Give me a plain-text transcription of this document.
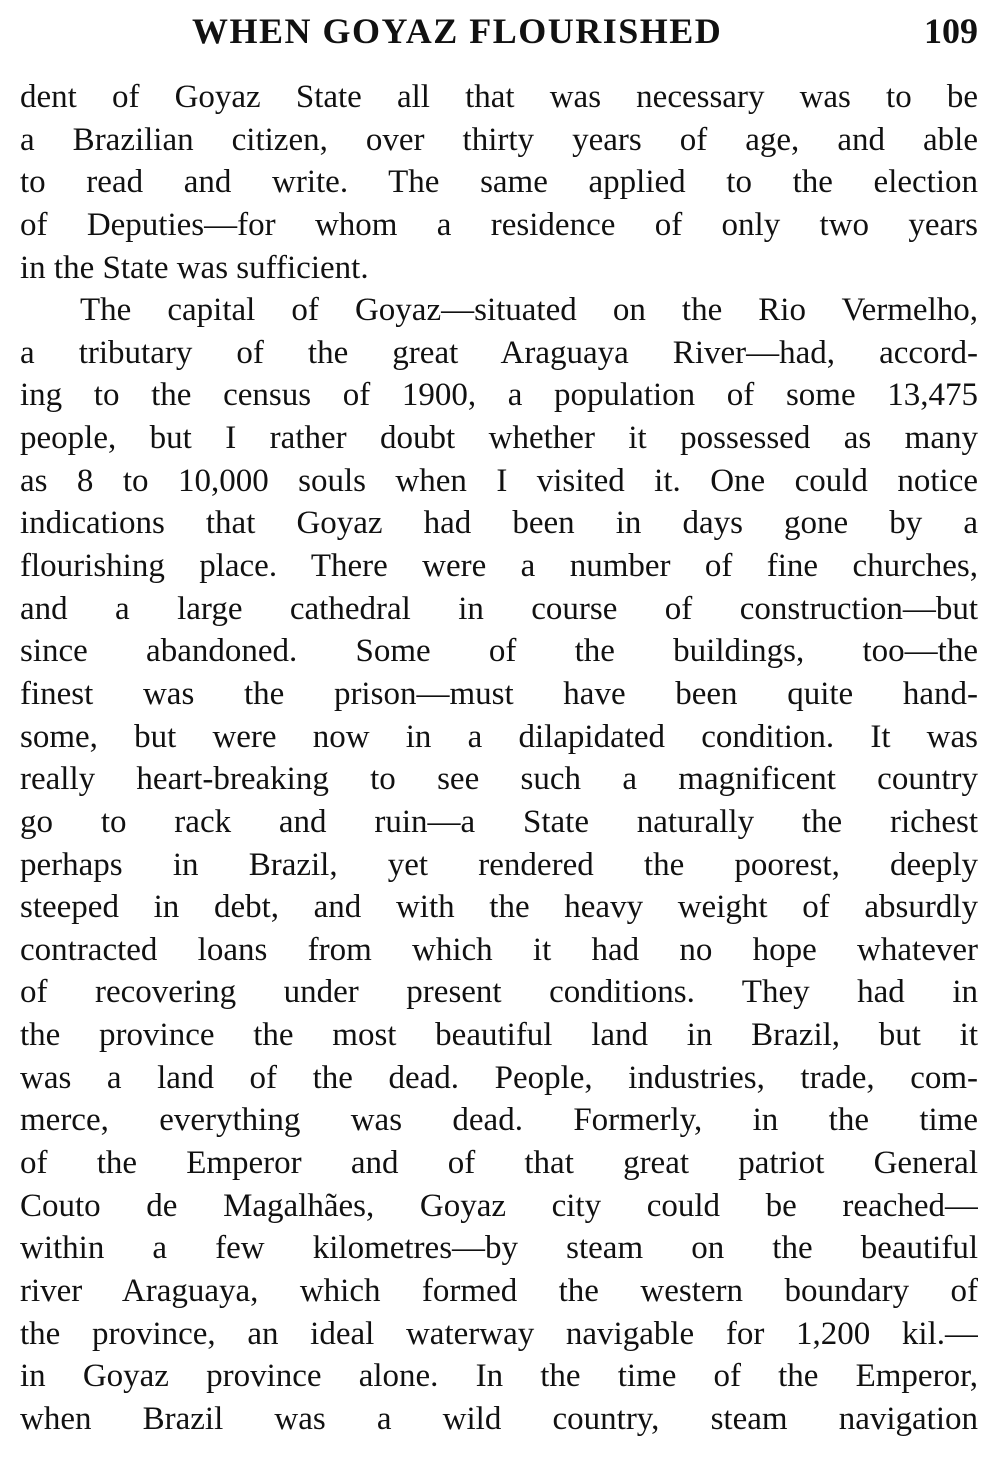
WHEN GOYAZ FLOURISHED	109
dent of Goyaz State all that was necessary was to be
a Brazilian citizen, over thirty years of age, and able
to read and write. The same applied to the election
of Deputies—for whom a residence of only two years
in the State was sufficient.
The capital of Goyaz—situated on the Rio Vermelho,
a tributary of the great Araguaya River—had, accord-
ing to the census of 1900, a population of some 13,475
people, but I rather doubt whether it possessed as many
as 8 to 10,000 souls when I visited it. One could notice
indications that Goyaz had been in days gone by a
flourishing place. There were a number of fine churches,
and a large cathedral in course of construction—but
since abandoned. Some of the buildings, too—the
finest was the prison—must have been quite hand-
some, but were now in a dilapidated condition. It was
really heart-breaking to see such a magnificent country
go to rack and ruin—a State naturally the richest
perhaps in Brazil, yet rendered the poorest, deeply
steeped in debt, and with the heavy weight of absurdly
contracted loans from which it had no hope whatever
of recovering under present conditions. They had in
the province the most beautiful land in Brazil, but it
was a land of the dead. People, industries, trade, com-
merce, everything was dead. Formerly, in the time
of the Emperor and of that great patriot General
Couto de Magalhães, Goyaz city could be reached—
within a few kilometres—by steam on the beautiful
river Araguaya, which formed the western boundary of
the province, an ideal waterway navigable for 1,200 kil.—
in Goyaz province alone. In the time of the Emperor,
when Brazil was a wild country, steam navigation
